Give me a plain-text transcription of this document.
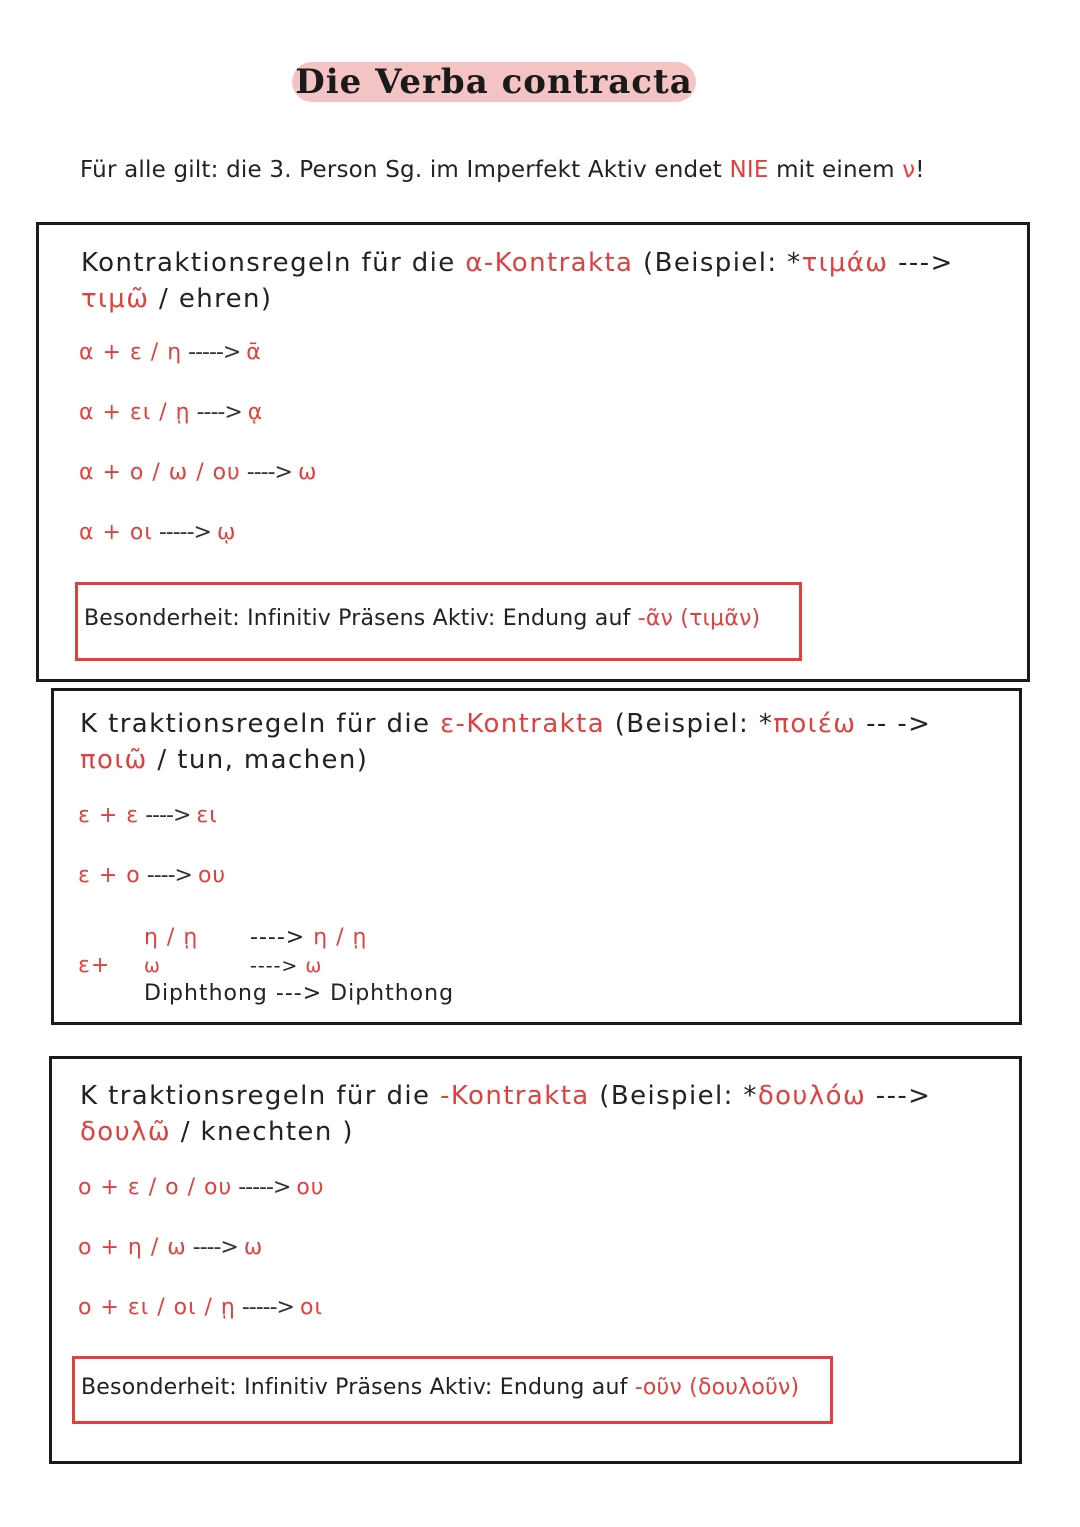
Die Verba contracta
Für alle gilt: die 3. Person Sg. im Imperfekt Aktiv endet NIE mit einem ν!
Kontraktionsregeln für die α-Kontrakta (Beispiel: *τιμάω --->
τιμῶ / ehren)
α + ε / η -----> ᾱ
α + ει / ῃ ----> ᾳ
α + ο / ω / ου ----> ω
α + οι -----> ῳ
Besonderheit: Infinitiv Präsens Aktiv: Endung auf -ᾶν (τιμᾶν)
K traktionsregeln für die ε-Kontrakta (Beispiel: *ποιέω -- ->
ποιῶ / tun, machen)
ε + ε ----> ει
ε + ο ----> ου
ε+
η / ῃ ----> η / ῃ
ω	----> ω
Diphthong ---> Diphthong
K traktionsregeln für die -Kontrakta (Beispiel: *δουλόω --->
δουλῶ / knechten )
ο + ε / ο / ου -----> ου
ο + η / ω ----> ω
ο + ει / οι / ῃ -----> οι
Besonderheit: Infinitiv Präsens Aktiv: Endung auf -οῦν (δουλοῦν)
